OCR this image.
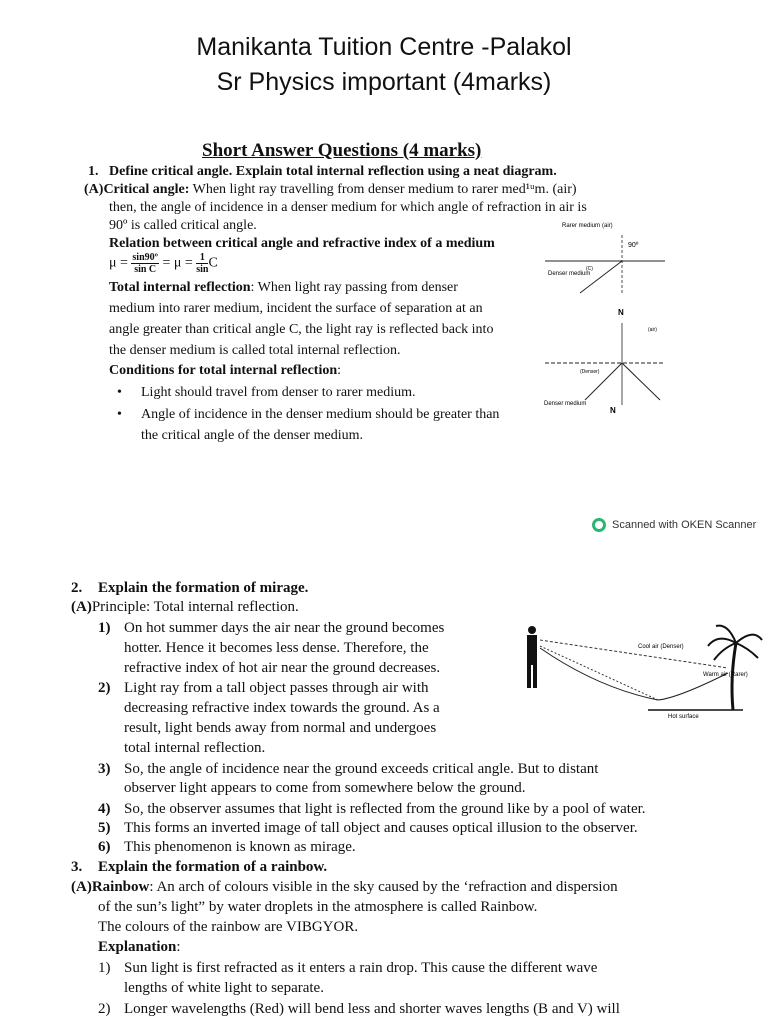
Manikanta Tuition Centre -Palakol
Sr Physics important (4marks)
Short Answer Questions (4 marks)
1. Define critical angle. Explain total internal reflection using a neat diagram.
(A)Critical angle: When light ray travelling from denser medium to rarer med¹ᵘm. (air)
then, the angle of incidence in a denser medium for which angle of refraction in air is
90º is called critical angle.
Relation between critical angle and refractive index of a medium
$\mu = \frac{\text{sin90º}}{\text{sin C}} = \mu = \frac{1}{\sin}$ C
Total internal reflection: When light ray passing from denser
medium into rarer medium, incident the surface of separation at an
angle greater than critical angle C, the light ray is reflected back into
the denser medium is called total internal reflection.
Conditions for total internal reflection:
• Light should travel from denser to rarer medium.
• Angle of incidence in the denser medium should be greater than
the critical angle of the denser medium.
Rarer medium (air)
90º
(C)
Denser medium
N
(air)
(Denser)
Denser medium
N
Scanned with OKEN Scanner
2. Explain the formation of mirage.
(A)Principle: Total internal reflection.
1) On hot summer days the air near the ground becomes
hotter. Hence it becomes less dense. Therefore, the
refractive index of hot air near the ground decreases.
2) Light ray from a tall object passes through air with
decreasing refractive index towards the ground. As a
result, light bends away from normal and undergoes
total internal reflection.
3) So, the angle of incidence near the ground exceeds critical angle. But to distant
observer light appears to come from somewhere below the ground.
4) So, the observer assumes that light is reflected from the ground like by a pool of water.
5) This forms an inverted image of tall object and causes optical illusion to the observer.
6) This phenomenon is known as mirage.
Cool air (Denser)
Warm air (Rarer)
Hot surface
3. Explain the formation of a rainbow.
(A)Rainbow: An arch of colours visible in the sky caused by the ‘refraction and dispersion
of the sun’s light” by water droplets in the atmosphere is called Rainbow.
The colours of the rainbow are VIBGYOR.
Explanation:
1) Sun light is first refracted as it enters a rain drop. This cause the different wave
lengths of white light to separate.
2) Longer wavelengths (Red) will bend less and shorter waves lengths (B and V) will
